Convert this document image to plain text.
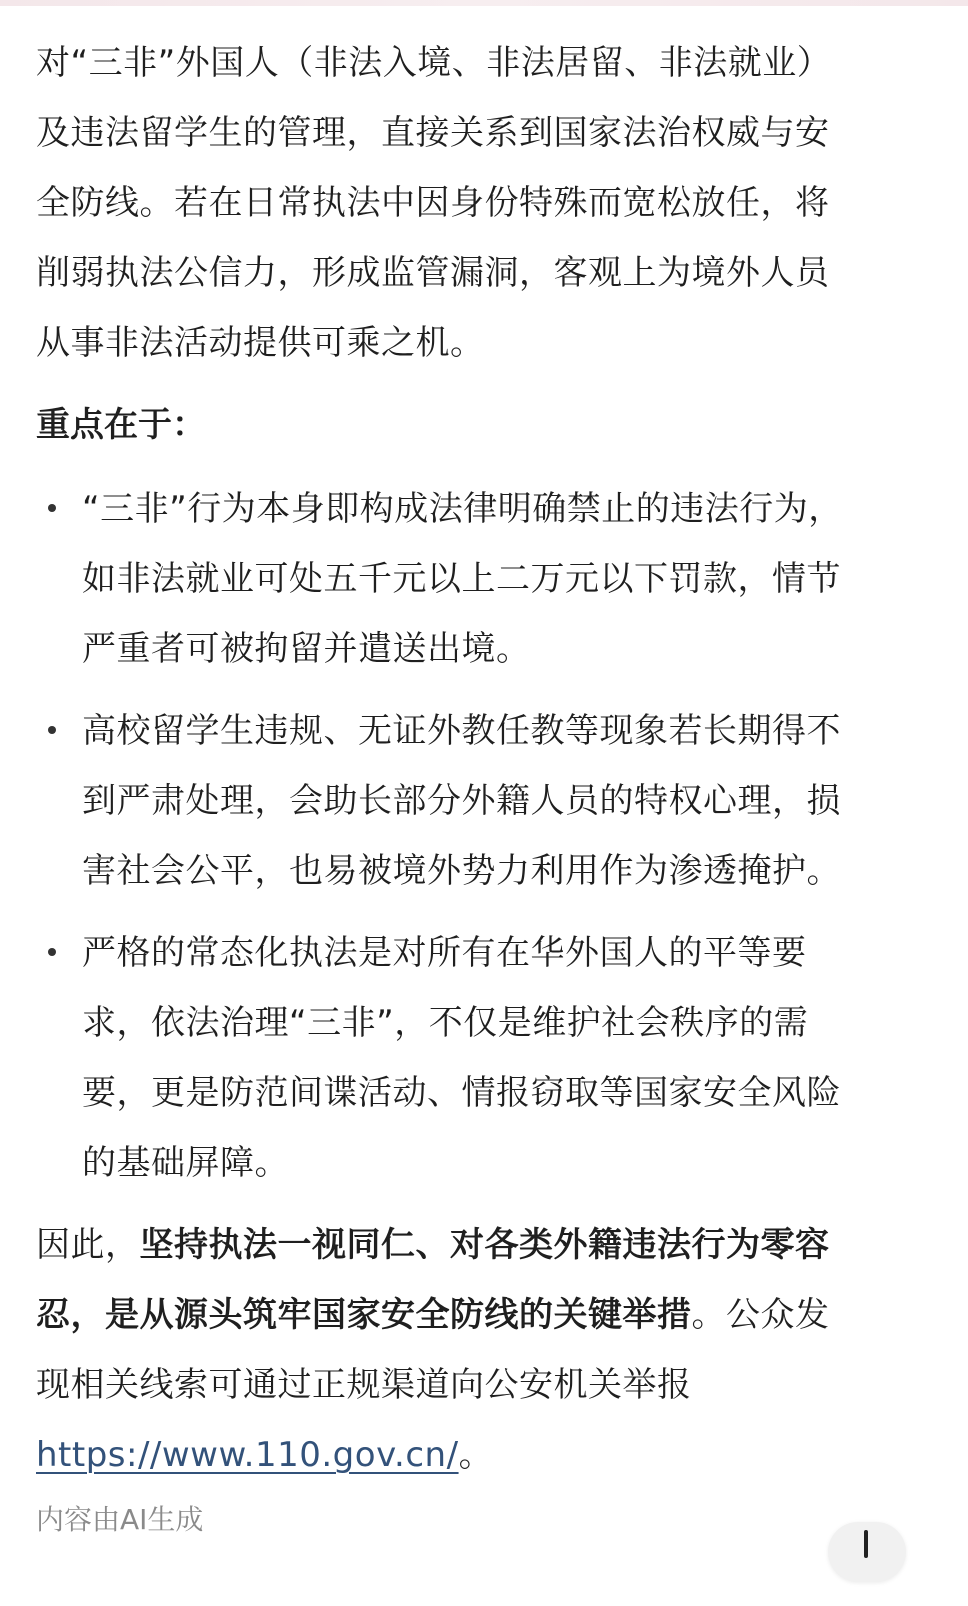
对“三非”外国人（非法入境、非法居留、非法就业）
及违法留学生的管理，直接关系到国家法治权威与安
全防线。若在日常执法中因身份特殊而宽松放任，将
削弱执法公信力，形成监管漏洞，客观上为境外人员
从事非法活动提供可乘之机。

重点在于：

“三非”行为本身即构成法律明确禁止的违法行为，
如非法就业可处五千元以上二万元以下罚款，情节
严重者可被拘留并遣送出境。
高校留学生违规、无证外教任教等现象若长期得不
到严肃处理，会助长部分外籍人员的特权心理，损
害社会公平，也易被境外势力利用作为渗透掩护。
严格的常态化执法是对所有在华外国人的平等要
求，依法治理“三非”，不仅是维护社会秩序的需
要，更是防范间谍活动、情报窃取等国家安全风险
的基础屏障。

因此，坚持执法一视同仁、对各类外籍违法行为零容
忍，是从源头筑牢国家安全防线的关键举措。公众发
现相关线索可通过正规渠道向公安机关举报
https://www.110.gov.cn/。

内容由AI生成
